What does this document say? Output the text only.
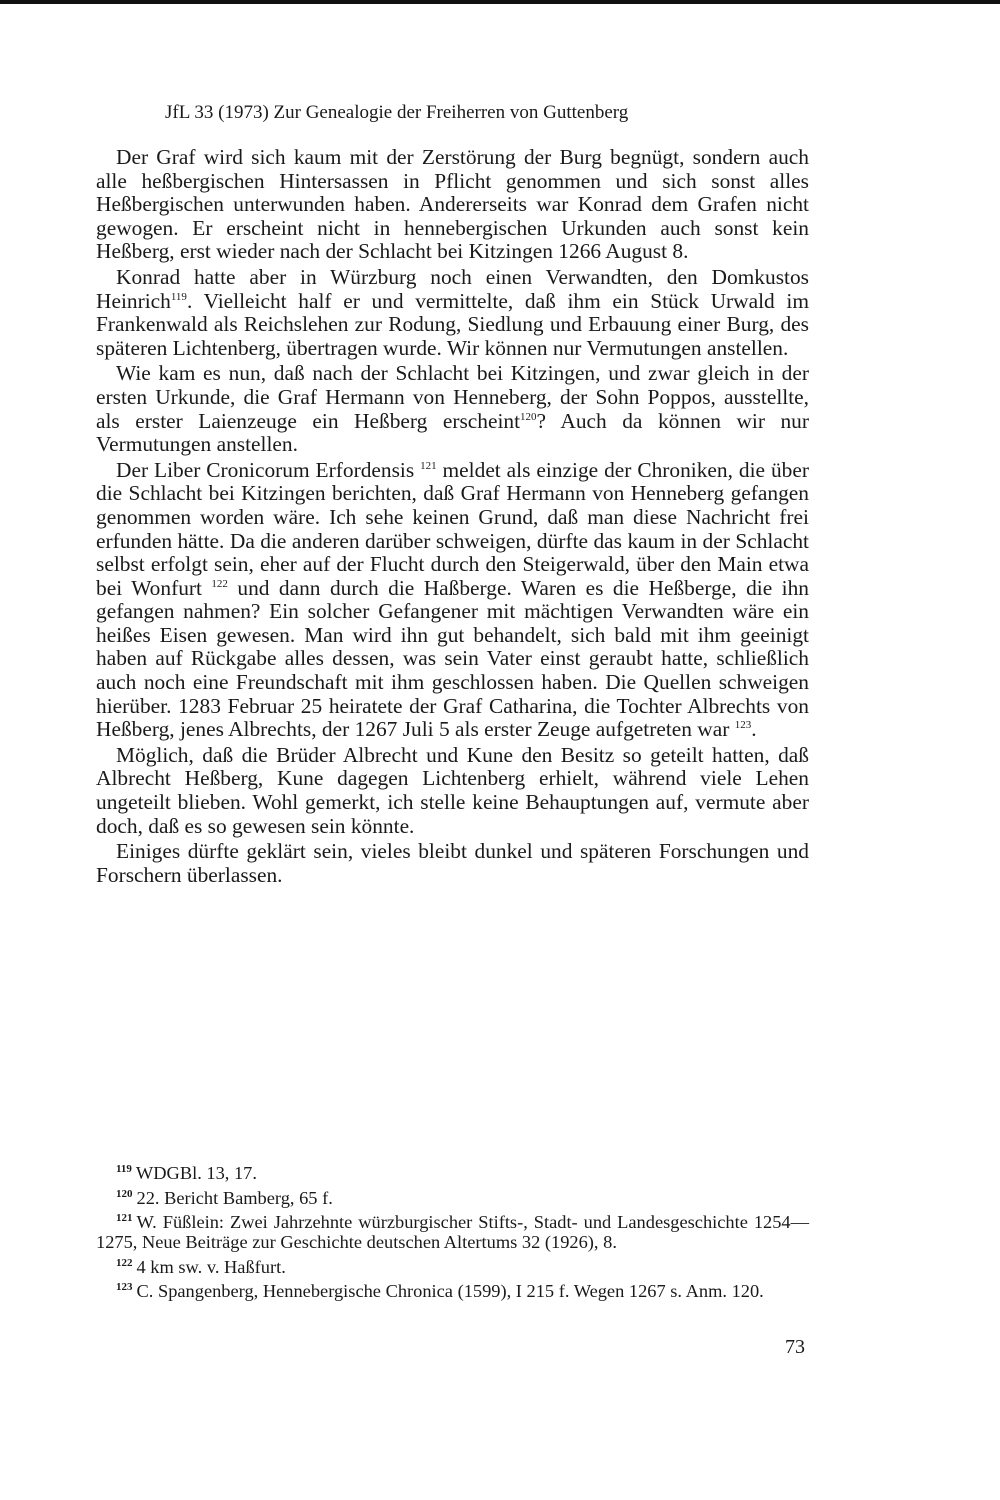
JfL 33 (1973) Zur Genealogie der Freiherren von Guttenberg

Der Graf wird sich kaum mit der Zerstörung der Burg begnügt, sondern auch alle heßbergischen Hintersassen in Pflicht genommen und sich sonst alles Heßbergischen unterwunden haben. Andererseits war Konrad dem Grafen nicht gewogen. Er erscheint nicht in hennebergischen Urkunden auch sonst kein Heßberg, erst wieder nach der Schlacht bei Kitzingen 1266 August 8.

Konrad hatte aber in Würzburg noch einen Verwandten, den Domkustos Heinrich$^{119}$. Vielleicht half er und vermittelte, daß ihm ein Stück Urwald im Frankenwald als Reichslehen zur Rodung, Siedlung und Erbauung einer Burg, des späteren Lichtenberg, übertragen wurde. Wir können nur Vermutungen anstellen.

Wie kam es nun, daß nach der Schlacht bei Kitzingen, und zwar gleich in der ersten Urkunde, die Graf Hermann von Henneberg, der Sohn Poppos, ausstellte, als erster Laienzeuge ein Heßberg erscheint$^{120}$? Auch da können wir nur Vermutungen anstellen.

Der Liber Cronicorum Erfordensis $^{121}$ meldet als einzige der Chroniken, die über die Schlacht bei Kitzingen berichten, daß Graf Hermann von Henneberg gefangen genommen worden wäre. Ich sehe keinen Grund, daß man diese Nachricht frei erfunden hätte. Da die anderen darüber schweigen, dürfte das kaum in der Schlacht selbst erfolgt sein, eher auf der Flucht durch den Steigerwald, über den Main etwa bei Wonfurt $^{122}$ und dann durch die Haßberge. Waren es die Heßberge, die ihn gefangen nahmen? Ein solcher Gefangener mit mächtigen Verwandten wäre ein heißes Eisen gewesen. Man wird ihn gut behandelt, sich bald mit ihm geeinigt haben auf Rückgabe alles dessen, was sein Vater einst geraubt hatte, schließlich auch noch eine Freundschaft mit ihm geschlossen haben. Die Quellen schweigen hierüber. 1283 Februar 25 heiratete der Graf Catharina, die Tochter Albrechts von Heßberg, jenes Albrechts, der 1267 Juli 5 als erster Zeuge aufgetreten war $^{123}$.

Möglich, daß die Brüder Albrecht und Kune den Besitz so geteilt hatten, daß Albrecht Heßberg, Kune dagegen Lichtenberg erhielt, während viele Lehen ungeteilt blieben. Wohl gemerkt, ich stelle keine Behauptungen auf, vermute aber doch, daß es so gewesen sein könnte.

Einiges dürfte geklärt sein, vieles bleibt dunkel und späteren Forschungen und Forschern überlassen.

$^{119}$ WDGBl. 13, 17.

$^{120}$ 22. Bericht Bamberg, 65 f.

$^{121}$ W. Füßlein: Zwei Jahrzehnte würzburgischer Stifts-, Stadt- und Landesgeschichte 1254—1275, Neue Beiträge zur Geschichte deutschen Altertums 32 (1926), 8.

$^{122}$ 4 km sw. v. Haßfurt.

$^{123}$ C. Spangenberg, Hennebergische Chronica (1599), I 215 f. Wegen 1267 s. Anm. 120.

73
